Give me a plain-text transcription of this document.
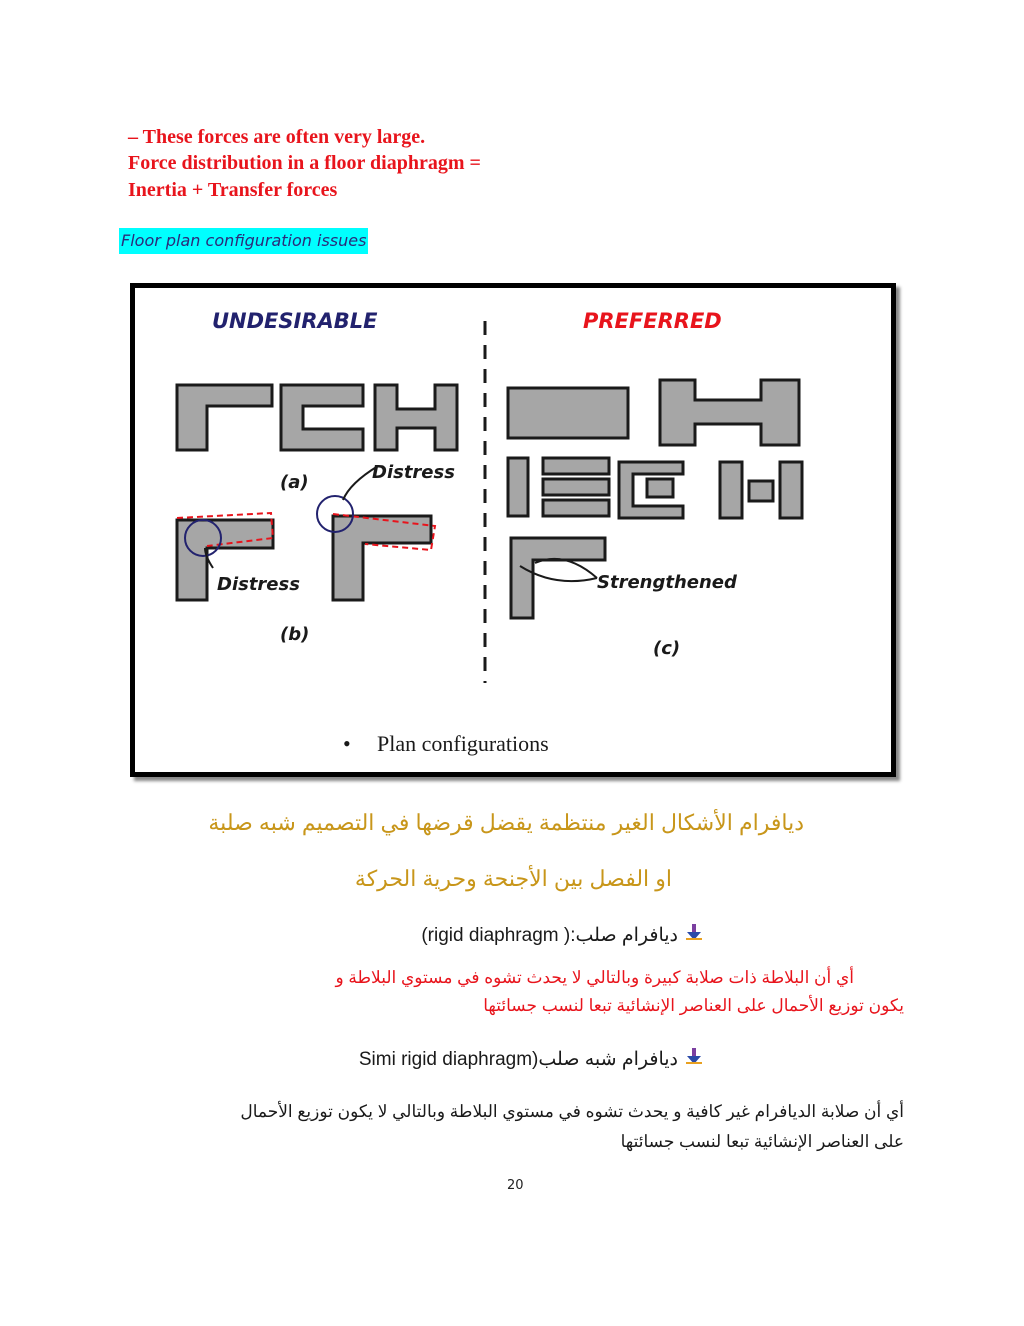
– These forces are often very large.
Force distribution in a floor diaphragm =
Inertia + Transfer forces
Floor plan configuration issues
UNDESIRABLE	PREFERRED
(a)	Distress
Distress
(b)
Strengthened
(c)
• Plan configurations
ديافرام الأشكال الغير منتظمة يقضل قرضها في التصميم شبه صلبة
او الفصل بين الأجنحة وحرية الحركة
ديافرام صلب:( rigid diaphragm)
أي أن البلاطة ذات صلابة كبيرة وبالتالي لا يحدث تشوه في مستوي البلاطة و
يكون توزيع الأحمال على العناصر الإنشائية تبعا لنسب جسائتها
ديافرام شبه صلب(Simi rigid diaphragm
أي أن صلابة الديافرام غير كافية و يحدث تشوه في مستوي البلاطة وبالتالي لا يكون توزيع الأحمال
على العناصر الإنشائية تبعا لنسب جسائتها
20
